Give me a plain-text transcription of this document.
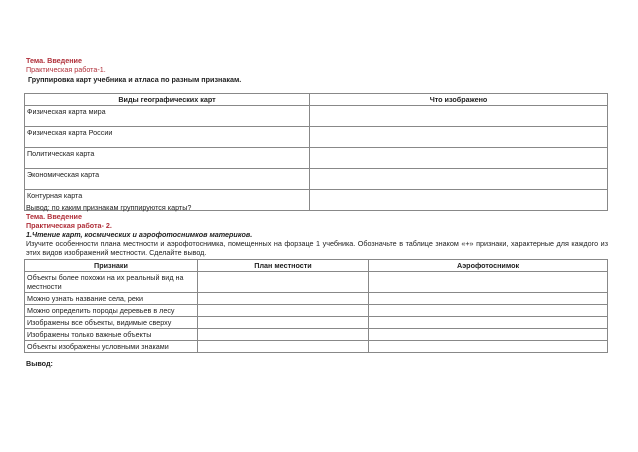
Тема. Введение
Практическая работа-1.
Группировка карт учебника и атласа по разным признакам.
Виды географических карт	Что изображено
Физическая карта мира	
Физическая карта России	
Политическая карта	
Экономическая карта	
Контурная карта	
Вывод: по каким признакам группируются карты?
Тема. Введение
Практическая работа- 2.
1.Чтение карт, космических и аэрофотоснимков материков.
Изучите особенности плана местности и аэрофотоснимка, помещенных на форзаце 1 учебника. Обозначьте в таблице знаком «+» признаки, характерные для каждого из этих видов изображений местности. Сделайте вывод.
Признаки	План местности	Аэрофотоснимок
Объекты более похожи на их реальный вид на местности		
Можно узнать название села, реки		
Можно определить породы деревьев в лесу		
Изображены все объекты, видимые сверху		
Изображены только важные объекты		
Объекты изображены условными знаками		
Вывод:
